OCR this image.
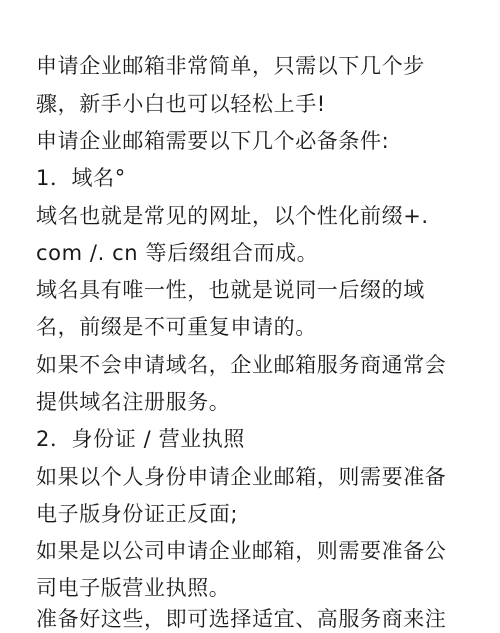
申请企业邮箱非常简单，只需以下几个步
骤，新手小白也可以轻松上手!
申请企业邮箱需要以下几个必备条件:
1．域名°
域名也就是常见的网址，以个性化前缀+.
com /. cn 等后缀组合而成。
域名具有唯一性，也就是说同一后缀的域
名，前缀是不可重复申请的。
如果不会申请域名，企业邮箱服务商通常会
提供域名注册服务。
2．身份证 / 营业执照
如果以个人身份申请企业邮箱，则需要准备
电子版身份证正反面;
如果是以公司申请企业邮箱，则需要准备公
司电子版营业执照。
准备好这些，即可选择适宜、高服务商来注
